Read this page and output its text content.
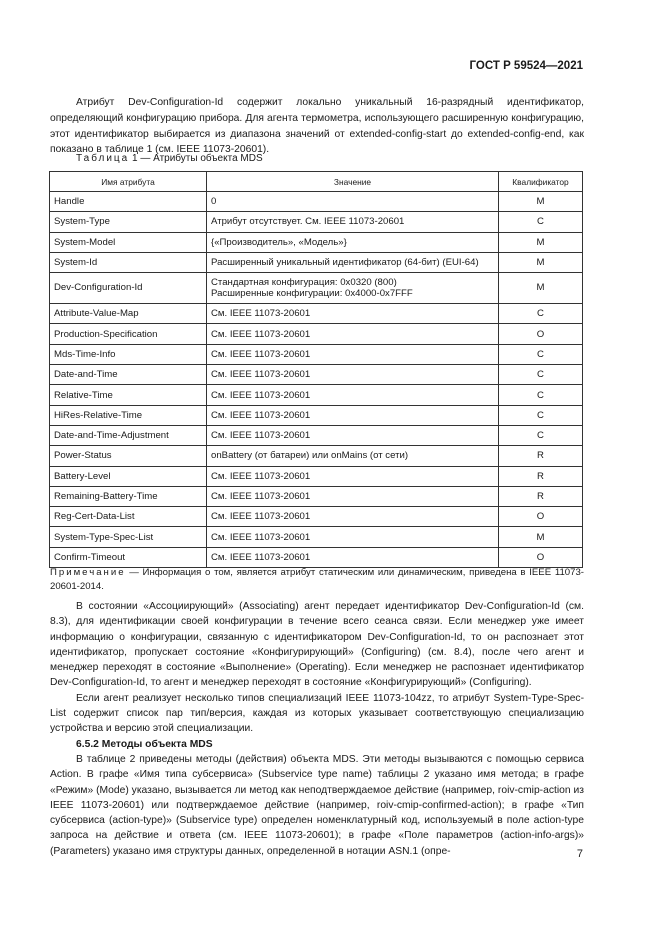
ГОСТ Р 59524—2021

Атрибут Dev-Configuration-Id содержит локально уникальный 16-разрядный идентификатор, определяющий конфигурацию прибора. Для агента термометра, использующего расширенную конфигурацию, этот идентификатор выбирается из диапазона значений от extended-config-start до extended-config-end, как показано в таблице 1 (см. IEEE 11073-20601).

Таблица 1 — Атрибуты объекта MDS
Имя атрибута	Значение	Квалификатор
Handle	0	M
System-Type	Атрибут отсутствует. См. IEEE 11073-20601	C
System-Model	{«Производитель», «Модель»}	M
System-Id	Расширенный уникальный идентификатор (64-бит) (EUI-64)	M
Dev-Configuration-Id	Стандартная конфигурация: 0x0320 (800)
Расширенные конфигурации: 0x4000-0x7FFF	M
Attribute-Value-Map	См. IEEE 11073-20601	C
Production-Specification	См. IEEE 11073-20601	O
Mds-Time-Info	См. IEEE 11073-20601	C
Date-and-Time	См. IEEE 11073-20601	C
Relative-Time	См. IEEE 11073-20601	C
HiRes-Relative-Time	См. IEEE 11073-20601	C
Date-and-Time-Adjustment	См. IEEE 11073-20601	C
Power-Status	onBattery (от батареи) или onMains (от сети)	R
Battery-Level	См. IEEE 11073-20601	R
Remaining-Battery-Time	См. IEEE 11073-20601	R
Reg-Cert-Data-List	См. IEEE 11073-20601	O
System-Type-Spec-List	См. IEEE 11073-20601	M
Confirm-Timeout	См. IEEE 11073-20601	O
Примечание — Информация о том, является атрибут статическим или динамическим, приведена в IEEE 11073-20601-2014.

В состоянии «Ассоциирующий» (Associating) агент передает идентификатор Dev-Configuration-Id (см. 8.3), для идентификации своей конфигурации в течение всего сеанса связи. Если менеджер уже имеет информацию о конфигурации, связанную с идентификатором Dev-Configuration-Id, то он распознает этот идентификатор, пропускает состояние «Конфигурирующий» (Configuring) (см. 8.4), после чего агент и менеджер переходят в состояние «Выполнение» (Operating). Если менеджер не распознает идентификатор Dev-Configuration-Id, то агент и менеджер переходят в состояние «Конфигурирующий» (Configuring).

Если агент реализует несколько типов специализаций IEEE 11073-104zz, то атрибут System-Type-Spec-List содержит список пар тип/версия, каждая из которых указывает соответствующую специализацию устройства и версию этой специализации.

6.5.2 Методы объекта MDS

В таблице 2 приведены методы (действия) объекта MDS. Эти методы вызываются с помощью сервиса Action. В графе «Имя типа субсервиса» (Subservice type name) таблицы 2 указано имя метода; в графе «Режим» (Mode) указано, вызывается ли метод как неподтверждаемое действие (например, roiv-cmip-action из IEEE 11073-20601) или подтверждаемое действие (например, roiv-cmip-confirmed-action); в графе «Тип субсервиса (action-type)» (Subservice type) определен номенклатурный код, используемый в поле action-type запроса на действие и ответа (см. IEEE 11073-20601); в графе «Поле параметров (action-info-args)» (Parameters) указано имя структуры данных, определенной в нотации ASN.1 (опре-	7
